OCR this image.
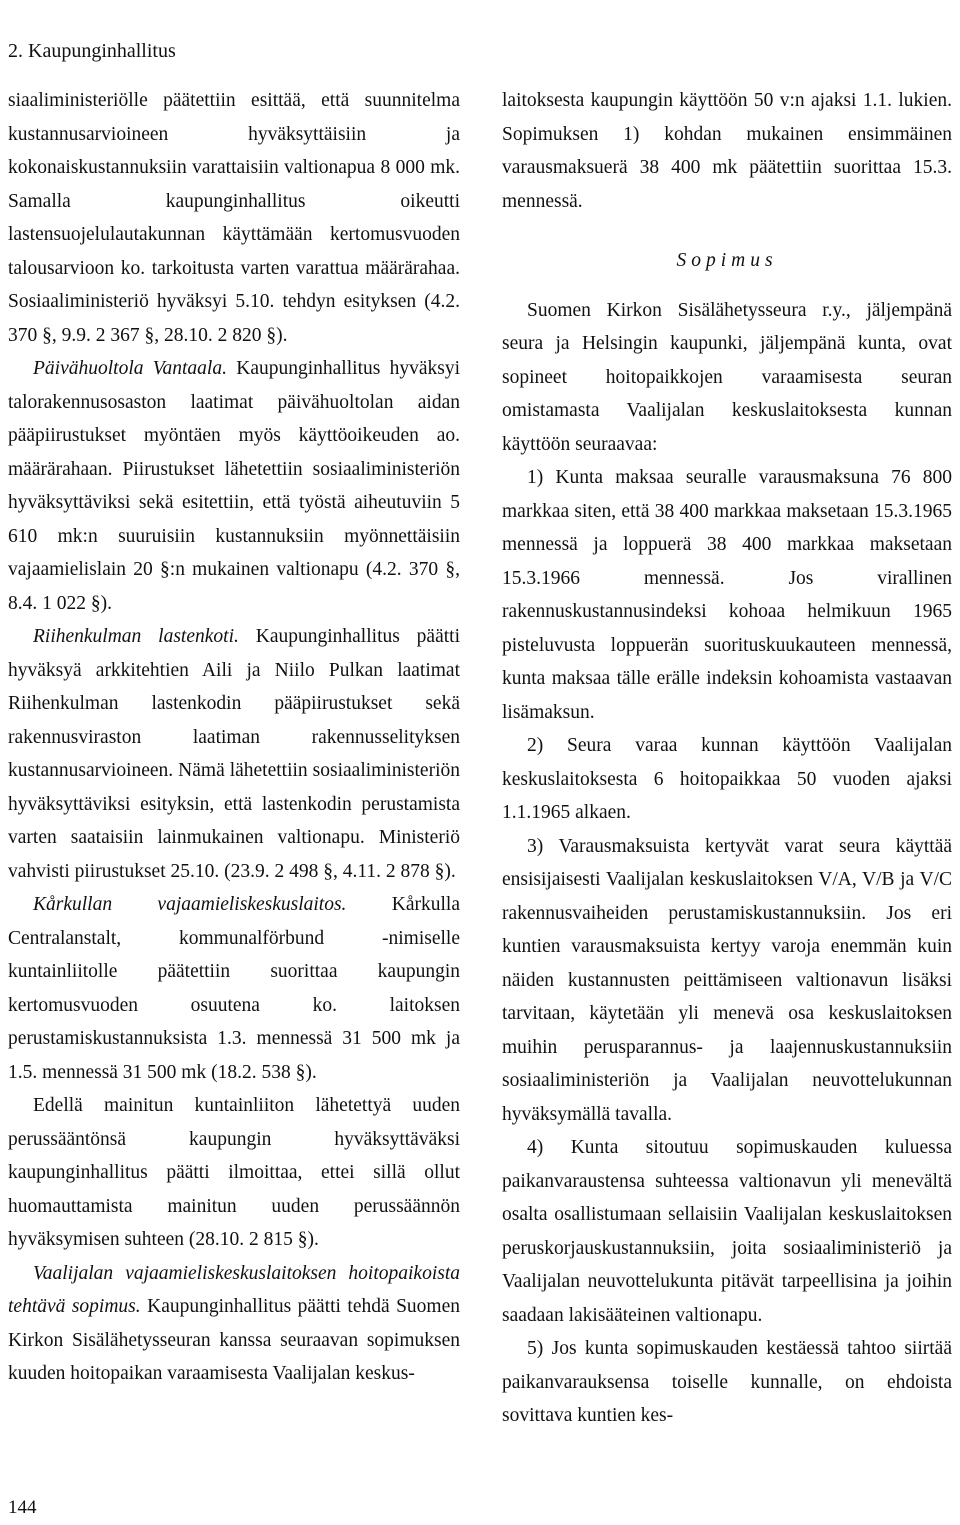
2. Kaupunginhallitus

siaaliministeriölle päätettiin esittää, että suunnitelma kustannusarvioineen hyväksyttäisiin ja kokonaiskustannuksiin varattaisiin valtionapua 8 000 mk. Samalla kaupunginhallitus oikeutti lastensuojelulautakunnan käyttämään kertomusvuoden talousarvioon ko. tarkoitusta varten varattua määrärahaa. Sosiaaliministeriö hyväksyi 5.10. tehdyn esityksen (4.2. 370 §, 9.9. 2 367 §, 28.10. 2 820 §).

Päivähuoltola Vantaala. Kaupunginhallitus hyväksyi talorakennusosaston laatimat päivähuoltolan aidan pääpiirustukset myöntäen myös käyttöoikeuden ao. määrärahaan. Piirustukset lähetettiin sosiaaliministeriön hyväksyttäviksi sekä esitettiin, että työstä aiheutuviin 5 610 mk:n suuruisiin kustannuksiin myönnettäisiin vajaamielislain 20 §:n mukainen valtionapu (4.2. 370 §, 8.4. 1 022 §).

Riihenkulman lastenkoti. Kaupunginhallitus päätti hyväksyä arkkitehtien Aili ja Niilo Pulkan laatimat Riihenkulman lastenkodin pääpiirustukset sekä rakennusviraston laatiman rakennusselityksen kustannusarvioineen. Nämä lähetettiin sosiaaliministeriön hyväksyttäviksi esityksin, että lastenkodin perustamista varten saataisiin lainmukainen valtionapu. Ministeriö vahvisti piirustukset 25.10. (23.9. 2 498 §, 4.11. 2 878 §).

Kårkullan vajaamieliskeskuslaitos. Kårkulla Centralanstalt, kommunalförbund -nimiselle kuntainliitolle päätettiin suorittaa kaupungin kertomusvuoden osuutena ko. laitoksen perustamiskustannuksista 1.3. mennessä 31 500 mk ja 1.5. mennessä 31 500 mk (18.2. 538 §).

Edellä mainitun kuntainliiton lähetettyä uuden perussääntönsä kaupungin hyväksyttäväksi kaupunginhallitus päätti ilmoittaa, ettei sillä ollut huomauttamista mainitun uuden perussäännön hyväksymisen suhteen (28.10. 2 815 §).

Vaalijalan vajaamieliskeskuslaitoksen hoitopaikoista tehtävä sopimus. Kaupunginhallitus päätti tehdä Suomen Kirkon Sisälähetysseuran kanssa seuraavan sopimuksen kuuden hoitopaikan varaamisesta Vaalijalan keskus-

laitoksesta kaupungin käyttöön 50 v:n ajaksi 1.1. lukien. Sopimuksen 1) kohdan mukainen ensimmäinen varausmaksuerä 38 400 mk päätettiin suorittaa 15.3. mennessä.

Sopimus

Suomen Kirkon Sisälähetysseura r.y., jäljempänä seura ja Helsingin kaupunki, jäljempänä kunta, ovat sopineet hoitopaikkojen varaamisesta seuran omistamasta Vaalijalan keskuslaitoksesta kunnan käyttöön seuraavaa:

1) Kunta maksaa seuralle varausmaksuna 76 800 markkaa siten, että 38 400 markkaa maksetaan 15.3.1965 mennessä ja loppuerä 38 400 markkaa maksetaan 15.3.1966 mennessä. Jos virallinen rakennuskustannusindeksi kohoaa helmikuun 1965 pisteluvusta loppuerän suorituskuukauteen mennessä, kunta maksaa tälle erälle indeksin kohoamista vastaavan lisämaksun.

2) Seura varaa kunnan käyttöön Vaalijalan keskuslaitoksesta 6 hoitopaikkaa 50 vuoden ajaksi 1.1.1965 alkaen.

3) Varausmaksuista kertyvät varat seura käyttää ensisijaisesti Vaalijalan keskuslaitoksen V/A, V/B ja V/C rakennusvaiheiden perustamiskustannuksiin. Jos eri kuntien varausmaksuista kertyy varoja enemmän kuin näiden kustannusten peittämiseen valtionavun lisäksi tarvitaan, käytetään yli menevä osa keskuslaitoksen muihin perusparannus- ja laajennuskustannuksiin sosiaaliministeriön ja Vaalijalan neuvottelukunnan hyväksymällä tavalla.

4) Kunta sitoutuu sopimuskauden kuluessa paikanvaraustensa suhteessa valtionavun yli menevältä osalta osallistumaan sellaisiin Vaalijalan keskuslaitoksen peruskorjauskustannuksiin, joita sosiaaliministeriö ja Vaalijalan neuvottelukunta pitävät tarpeellisina ja joihin saadaan lakisääteinen valtionapu.

5) Jos kunta sopimuskauden kestäessä tahtoo siirtää paikanvarauksensa toiselle kunnalle, on ehdoista sovittava kuntien kes-

144
